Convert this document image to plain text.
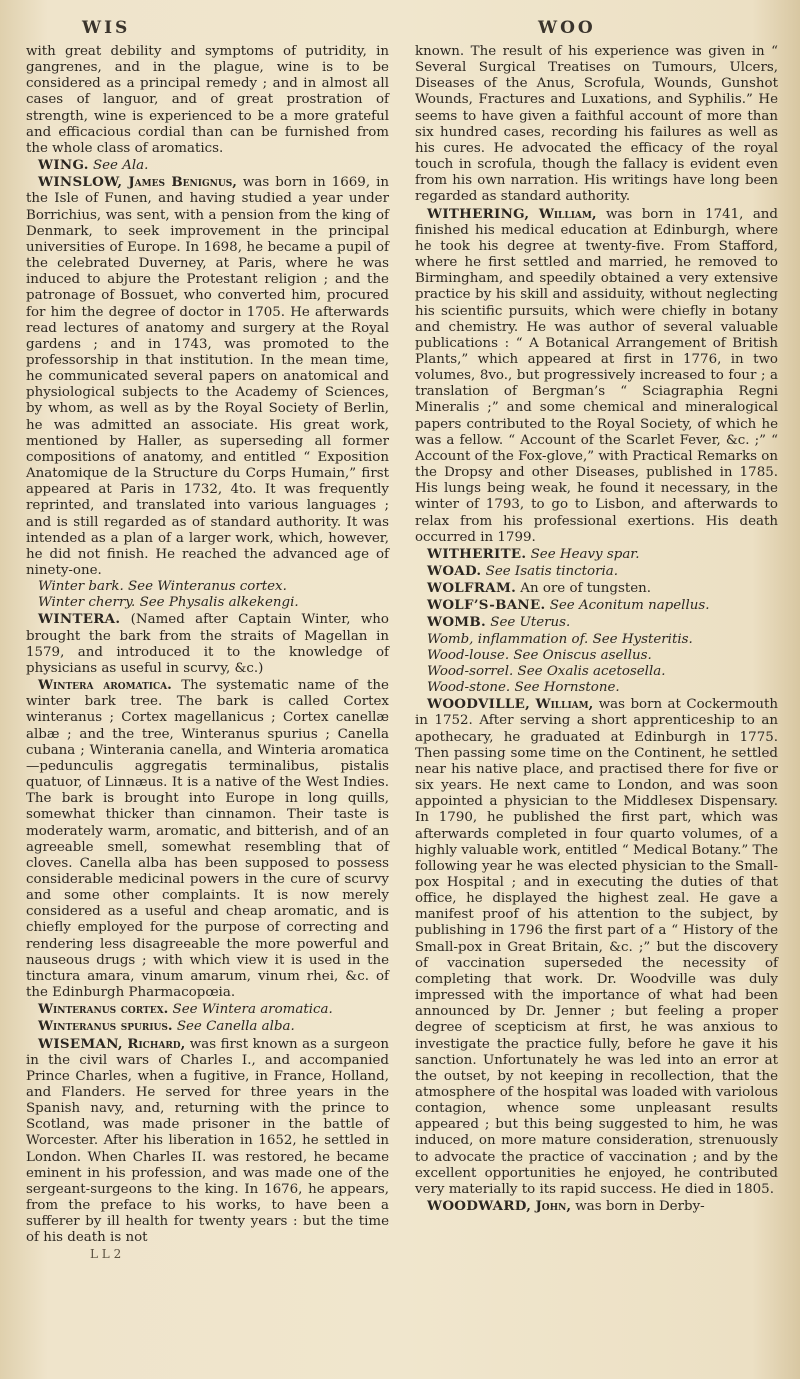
WIS	WOO

with great debility and symptoms of putridity, in gangrenes, and in the plague, wine is to be considered as a principal remedy ; and in almost all cases of languor, and of great prostration of strength, wine is experienced to be a more grateful and efficacious cordial than can be furnished from the whole class of aromatics.

WING. See Ala.

WINSLOW, James Benignus, was born in 1669, in the Isle of Funen, and having studied a year under Borrichius, was sent, with a pension from the king of Denmark, to seek improvement in the principal universities of Europe. In 1698, he became a pupil of the celebrated Duverney, at Paris, where he was induced to abjure the Protestant religion ; and the patronage of Bossuet, who converted him, procured for him the degree of doctor in 1705. He afterwards read lectures of anatomy and surgery at the Royal gardens ; and in 1743, was promoted to the professorship in that institution. In the mean time, he communicated several papers on anatomical and physiological subjects to the Academy of Sciences, by whom, as well as by the Royal Society of Berlin, he was admitted an associate. His great work, mentioned by Haller, as superseding all former compositions of anatomy, and entitled “ Exposition Anatomique de la Structure du Corps Humain,” first appeared at Paris in 1732, 4to. It was frequently reprinted, and translated into various languages ; and is still regarded as of standard authority. It was intended as a plan of a larger work, which, however, he did not finish. He reached the advanced age of ninety-one.

Winter bark. See Winteranus cortex.

Winter cherry. See Physalis alkekengi.

WINTERA. (Named after Captain Winter, who brought the bark from the straits of Magellan in 1579, and introduced it to the knowledge of physicians as useful in scurvy, &c.)

Wintera aromatica. The systematic name of the winter bark tree. The bark is called Cortex winteranus ; Cortex magellanicus ; Cortex canellæ albæ ; and the tree, Winteranus spurius ; Canella cubana ; Winterania canella, and Winteria aromatica—pedunculis aggregatis terminalibus, pistalis quatuor, of Linnæus. It is a native of the West Indies. The bark is brought into Europe in long quills, somewhat thicker than cinnamon. Their taste is moderately warm, aromatic, and bitterish, and of an agreeable smell, somewhat resembling that of cloves. Canella alba has been supposed to possess considerable medicinal powers in the cure of scurvy and some other complaints. It is now merely considered as a useful and cheap aromatic, and is chiefly employed for the purpose of correcting and rendering less disagreeable the more powerful and nauseous drugs ; with which view it is used in the tinctura amara, vinum amarum, vinum rhei, &c. of the Edinburgh Pharmacopœia.

Winteranus cortex. See Wintera aromatica.

Winteranus spurius. See Canella alba.

WISEMAN, Richard, was first known as a surgeon in the civil wars of Charles I., and accompanied Prince Charles, when a fugitive, in France, Holland, and Flanders. He served for three years in the Spanish navy, and, returning with the prince to Scotland, was made prisoner in the battle of Worcester. After his liberation in 1652, he settled in London. When Charles II. was restored, he became eminent in his profession, and was made one of the sergeant-surgeons to the king. In 1676, he appears, from the preface to his works, to have been a sufferer by ill health for twenty years : but the time of his death is not

known. The result of his experience was given in “ Several Surgical Treatises on Tumours, Ulcers, Diseases of the Anus, Scrofula, Wounds, Gunshot Wounds, Fractures and Luxations, and Syphilis.” He seems to have given a faithful account of more than six hundred cases, recording his failures as well as his cures. He advocated the efficacy of the royal touch in scrofula, though the fallacy is evident even from his own narration. His writings have long been regarded as standard authority.

WITHERING, William, was born in 1741, and finished his medical education at Edinburgh, where he took his degree at twenty-five. From Stafford, where he first settled and married, he removed to Birmingham, and speedily obtained a very extensive practice by his skill and assiduity, without neglecting his scientific pursuits, which were chiefly in botany and chemistry. He was author of several valuable publications : “ A Botanical Arrangement of British Plants,” which appeared at first in 1776, in two volumes, 8vo., but progressively increased to four ; a translation of Bergman’s “ Sciagraphia Regni Mineralis ;” and some chemical and mineralogical papers contributed to the Royal Society, of which he was a fellow. “ Account of the Scarlet Fever, &c. ;” “ Account of the Fox-glove,” with Practical Remarks on the Dropsy and other Diseases, published in 1785. His lungs being weak, he found it necessary, in the winter of 1793, to go to Lisbon, and afterwards to relax from his professional exertions. His death occurred in 1799.

WITHERITE. See Heavy spar.

WOAD. See Isatis tinctoria.

WOLFRAM. An ore of tungsten.

WOLF’S-BANE. See Aconitum napellus.

WOMB. See Uterus.

Womb, inflammation of. See Hysteritis.

Wood-louse. See Oniscus asellus.

Wood-sorrel. See Oxalis acetosella.

Wood-stone. See Hornstone.

WOODVILLE, William, was born at Cockermouth in 1752. After serving a short apprenticeship to an apothecary, he graduated at Edinburgh in 1775. Then passing some time on the Continent, he settled near his native place, and practised there for five or six years. He next came to London, and was soon appointed a physician to the Middlesex Dispensary. In 1790, he published the first part, which was afterwards completed in four quarto volumes, of a highly valuable work, entitled “ Medical Botany.” The following year he was elected physician to the Small-pox Hospital ; and in executing the duties of that office, he displayed the highest zeal. He gave a manifest proof of his attention to the subject, by publishing in 1796 the first part of a “ History of the Small-pox in Great Britain, &c. ;” but the discovery of vaccination superseded the necessity of completing that work. Dr. Woodville was duly impressed with the importance of what had been announced by Dr. Jenner ; but feeling a proper degree of scepticism at first, he was anxious to investigate the practice fully, before he gave it his sanction. Unfortunately he was led into an error at the outset, by not keeping in recollection, that the atmosphere of the hospital was loaded with variolous contagion, whence some unpleasant results appeared ; but this being suggested to him, he was induced, on more mature consideration, strenuously to advocate the practice of vaccination ; and by the excellent opportunities he enjoyed, he contributed very materially to its rapid success. He died in 1805.

WOODWARD, John, was born in Derby-

L L 2
